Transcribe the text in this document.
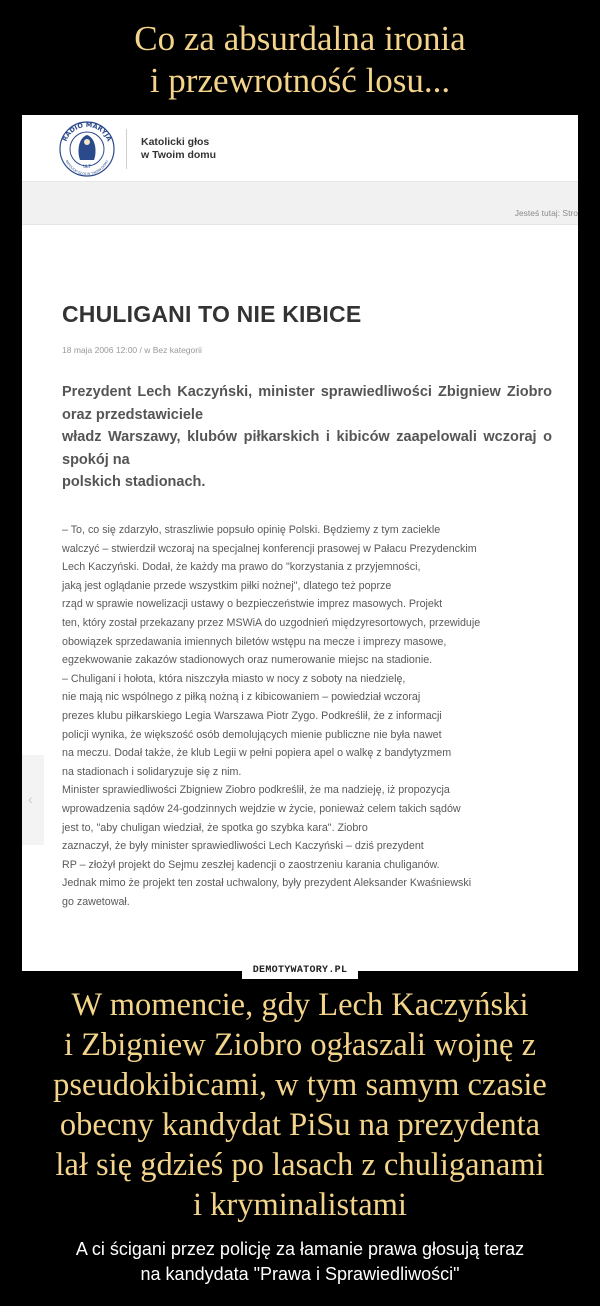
Co za absurdalna ironia
i przewrotność losu...
RADIO MARYJA
KATOLICKI GŁOS W TWOIM DOMU
UŁT
Katolicki głos
w Twoim domu
Jesteś tutaj: Stro
‹
CHULIGANI TO NIE KIBICE
18 maja 2006 12:00 / w Bez kategorii
Prezydent Lech Kaczyński, minister sprawiedliwości Zbigniew Ziobro
oraz przedstawiciele
władz Warszawy, klubów piłkarskich i kibiców zaapelowali wczoraj o
spokój na
polskich stadionach.
– To, co się zdarzyło, straszliwie popsuło opinię Polski. Będziemy z tym zaciekle
walczyć – stwierdził wczoraj na specjalnej konferencji prasowej w Pałacu Prezydenckim
Lech Kaczyński. Dodał, że każdy ma prawo do "korzystania z przyjemności,
jaką jest oglądanie przede wszystkim piłki nożnej", dlatego też poprze
rząd w sprawie nowelizacji ustawy o bezpieczeństwie imprez masowych. Projekt
ten, który został przekazany przez MSWiA do uzgodnień międzyresortowych, przewiduje
obowiązek sprzedawania imiennych biletów wstępu na mecze i imprezy masowe,
egzekwowanie zakazów stadionowych oraz numerowanie miejsc na stadionie.
– Chuligani i hołota, która niszczyła miasto w nocy z soboty na niedzielę,
nie mają nic wspólnego z piłką nożną i z kibicowaniem – powiedział wczoraj
prezes klubu piłkarskiego Legia Warszawa Piotr Zygo. Podkreślił, że z informacji
policji wynika, że większość osób demolujących mienie publiczne nie była nawet
na meczu. Dodał także, że klub Legii w pełni popiera apel o walkę z bandytyzmem
na stadionach i solidaryzuje się z nim.
Minister sprawiedliwości Zbigniew Ziobro podkreślił, że ma nadzieję, iż propozycja
wprowadzenia sądów 24-godzinnych wejdzie w życie, ponieważ celem takich sądów
jest to, "aby chuligan wiedział, że spotka go szybka kara". Ziobro
zaznaczył, że były minister sprawiedliwości Lech Kaczyński – dziś prezydent
RP – złożył projekt do Sejmu zeszłej kadencji o zaostrzeniu karania chuliganów.
Jednak mimo że projekt ten został uchwalony, były prezydent Aleksander Kwaśniewski
go zawetował.
DEMOTYWATORY.PL
W momencie, gdy Lech Kaczyński
i Zbigniew Ziobro ogłaszali wojnę z
pseudokibicami, w tym samym czasie
obecny kandydat PiSu na prezydenta
lał się gdzieś po lasach z chuliganami
i kryminalistami
A ci ścigani przez policję za łamanie prawa głosują teraz
na kandydata "Prawa i Sprawiedliwości"
